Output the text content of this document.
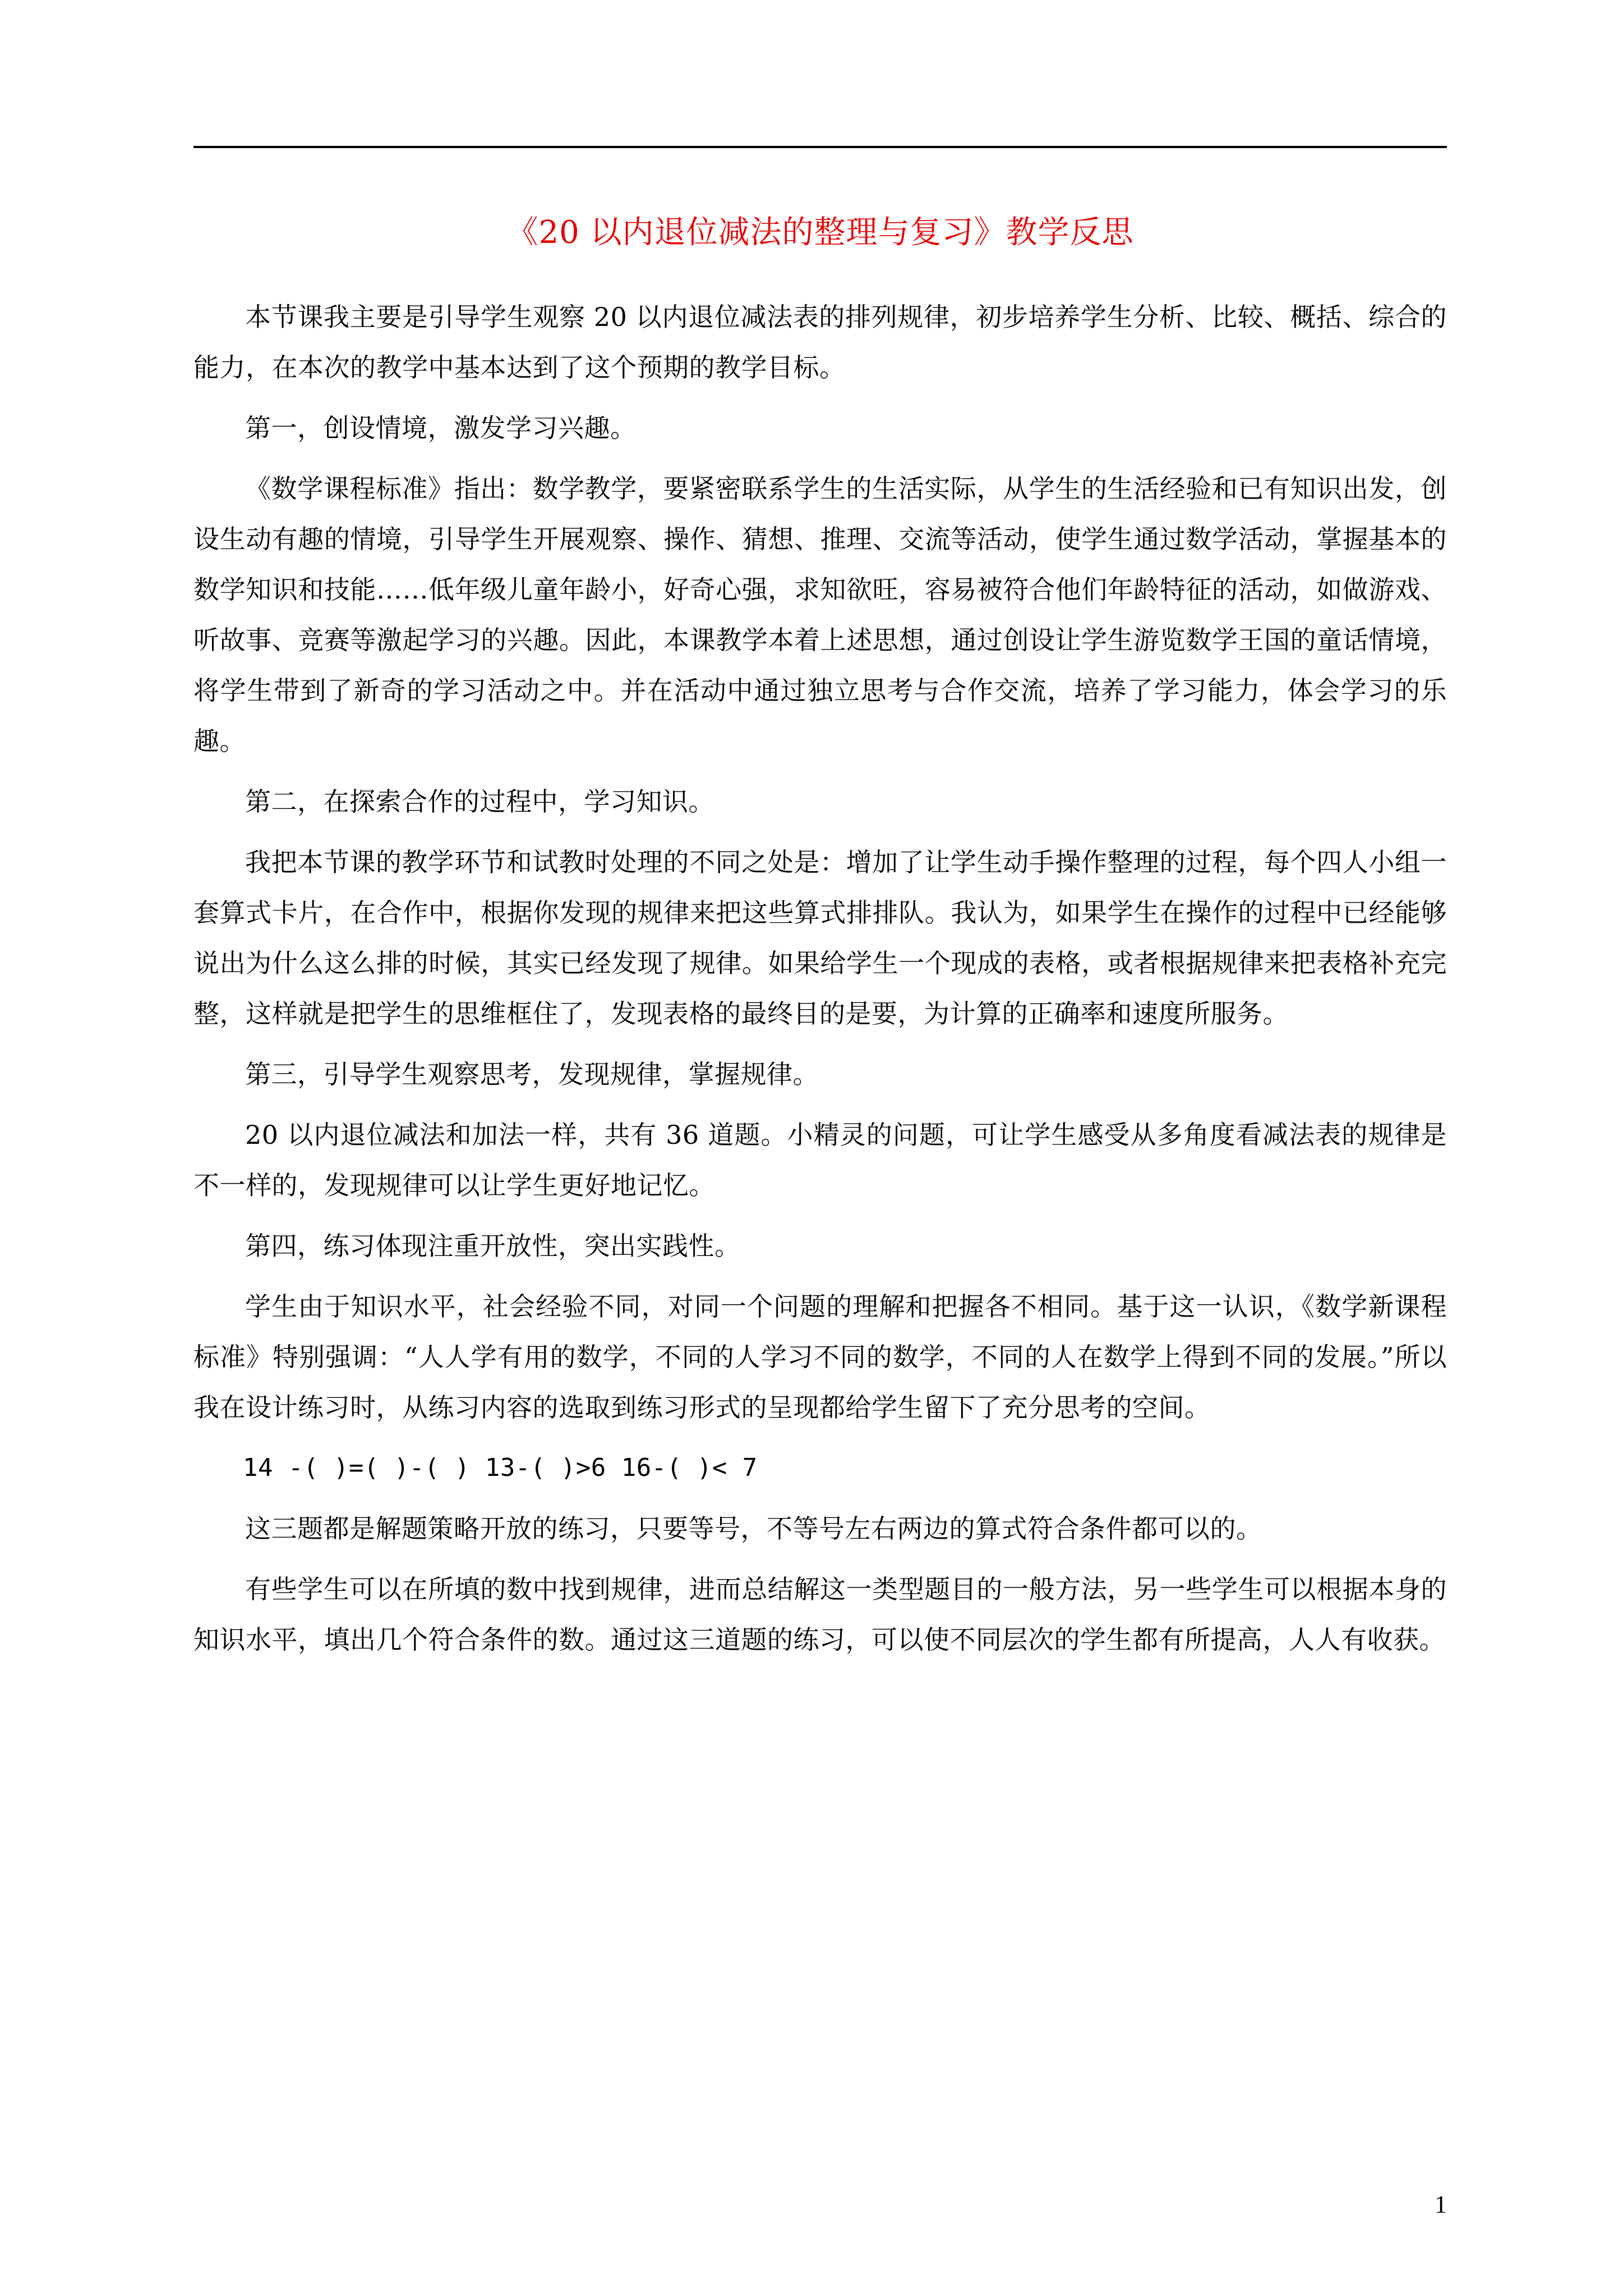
《20 以内退位减法的整理与复习》教学反思

本节课我主要是引导学生观察 20 以内退位减法表的排列规律，初步培养学生分析、比较、概括、综合的能力，在本次的教学中基本达到了这个预期的教学目标。

第一，创设情境，激发学习兴趣。

《数学课程标准》指出：数学教学，要紧密联系学生的生活实际，从学生的生活经验和已有知识出发，创设生动有趣的情境，引导学生开展观察、操作、猜想、推理、交流等活动，使学生通过数学活动，掌握基本的数学知识和技能……低年级儿童年龄小，好奇心强，求知欲旺，容易被符合他们年龄特征的活动，如做游戏、听故事、竞赛等激起学习的兴趣。因此，本课教学本着上述思想，通过创设让学生游览数学王国的童话情境，将学生带到了新奇的学习活动之中。并在活动中通过独立思考与合作交流，培养了学习能力，体会学习的乐趣。

第二，在探索合作的过程中，学习知识。

我把本节课的教学环节和试教时处理的不同之处是：增加了让学生动手操作整理的过程，每个四人小组一套算式卡片，在合作中，根据你发现的规律来把这些算式排排队。我认为，如果学生在操作的过程中已经能够说出为什么这么排的时候，其实已经发现了规律。如果给学生一个现成的表格，或者根据规律来把表格补充完整，这样就是把学生的思维框住了，发现表格的最终目的是要，为计算的正确率和速度所服务。

第三，引导学生观察思考，发现规律，掌握规律。

20 以内退位减法和加法一样，共有 36 道题。小精灵的问题，可让学生感受从多角度看减法表的规律是不一样的，发现规律可以让学生更好地记忆。

第四，练习体现注重开放性，突出实践性。

学生由于知识水平，社会经验不同，对同一个问题的理解和把握各不相同。基于这一认识，《数学新课程标准》特别强调：“人人学有用的数学，不同的人学习不同的数学，不同的人在数学上得到不同的发展。”所以我在设计练习时，从练习内容的选取到练习形式的呈现都给学生留下了充分思考的空间。

14 -( )=( )-( ) 13-( )>6 16-( )< 7

这三题都是解题策略开放的练习，只要等号，不等号左右两边的算式符合条件都可以的。

有些学生可以在所填的数中找到规律，进而总结解这一类型题目的一般方法，另一些学生可以根据本身的知识水平，填出几个符合条件的数。通过这三道题的练习，可以使不同层次的学生都有所提高，人人有收获。

1
